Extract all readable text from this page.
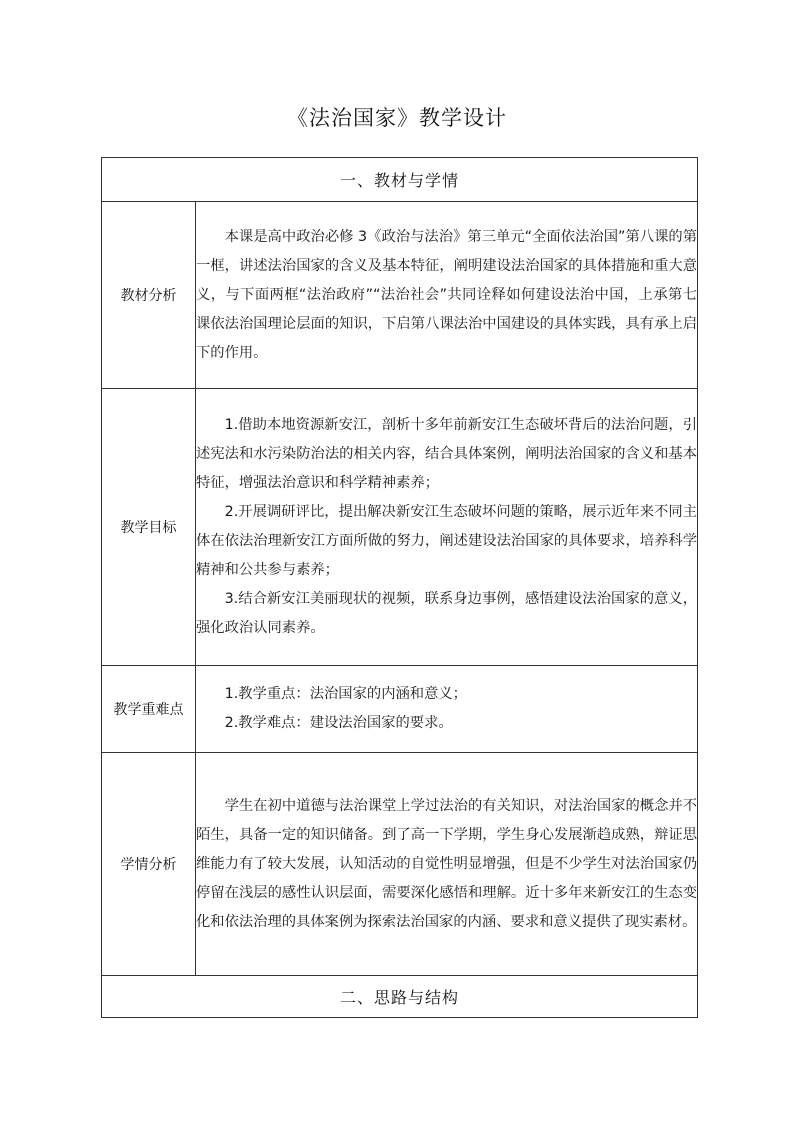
《法治国家》教学设计
一、教材与学情	
教材分析	本课是高中政治必修 3《政治与法治》第三单元“全面依法治国”第八课的第一框，讲述法治国家的含义及基本特征，阐明建设法治国家的具体措施和重大意义，与下面两框“法治政府”“法治社会”共同诠释如何建设法治中国，上承第七课依法治国理论层面的知识，下启第八课法治中国建设的具体实践，具有承上启下的作用。

教学目标	1.借助本地资源新安江，剖析十多年前新安江生态破坏背后的法治问题，引述宪法和水污染防治法的相关内容，结合具体案例，阐明法治国家的含义和基本特征，增强法治意识和科学精神素养；

2.开展调研评比，提出解决新安江生态破坏问题的策略，展示近年来不同主体在依法治理新安江方面所做的努力，阐述建设法治国家的具体要求，培养科学精神和公共参与素养；

3.结合新安江美丽现状的视频，联系身边事例，感悟建设法治国家的意义，强化政治认同素养。

教学重难点	1.教学重点：法治国家的内涵和意义；

2.教学难点：建设法治国家的要求。

学情分析	学生在初中道德与法治课堂上学过法治的有关知识，对法治国家的概念并不陌生，具备一定的知识储备。到了高一下学期，学生身心发展渐趋成熟，辩证思维能力有了较大发展，认知活动的自觉性明显增强，但是不少学生对法治国家仍停留在浅层的感性认识层面，需要深化感悟和理解。近十多年来新安江的生态变化和依法治理的具体案例为探索法治国家的内涵、要求和意义提供了现实素材。

二、思路与结构	
